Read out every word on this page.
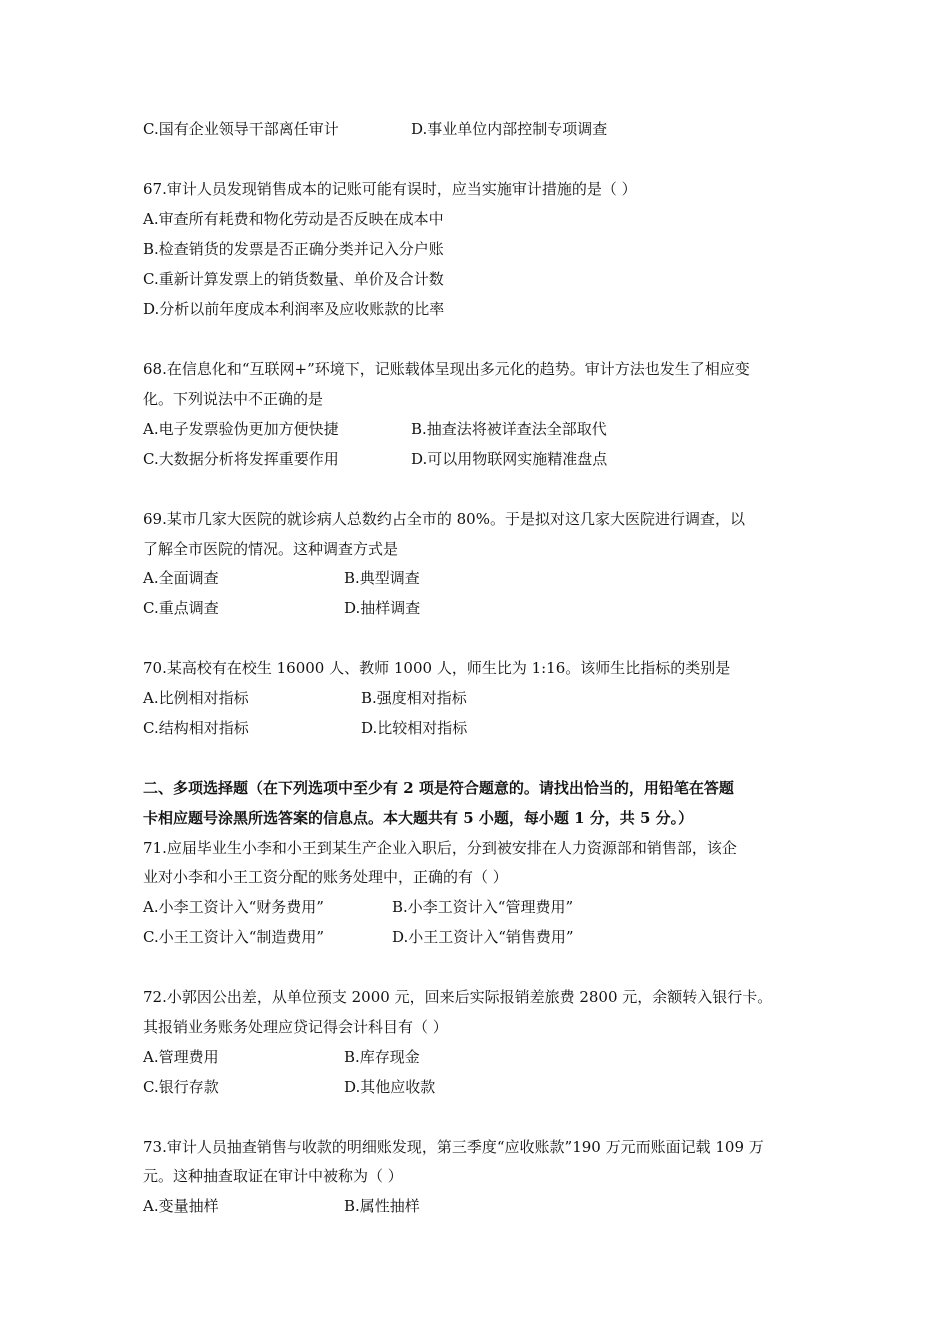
C.国有企业领导干部离任审计	D.事业单位内部控制专项调查
67.审计人员发现销售成本的记账可能有误时，应当实施审计措施的是（ ）
A.审查所有耗费和物化劳动是否反映在成本中
B.检查销货的发票是否正确分类并记入分户账
C.重新计算发票上的销货数量、单价及合计数
D.分析以前年度成本利润率及应收账款的比率
68.在信息化和“互联网+”环境下，记账载体呈现出多元化的趋势。审计方法也发生了相应变
化。下列说法中不正确的是
A.电子发票验伪更加方便快捷	B.抽查法将被详查法全部取代
C.大数据分析将发挥重要作用	D.可以用物联网实施精准盘点
69.某市几家大医院的就诊病人总数约占全市的 80%。于是拟对这几家大医院进行调查，以
了解全市医院的情况。这种调查方式是
A.全面调查	B.典型调查
C.重点调查	D.抽样调查
70.某高校有在校生 16000 人、教师 1000 人，师生比为 1:16。该师生比指标的类别是
A.比例相对指标	B.强度相对指标
C.结构相对指标	D.比较相对指标
二、多项选择题（在下列选项中至少有 2 项是符合题意的。请找出恰当的，用铅笔在答题
卡相应题号涂黑所选答案的信息点。本大题共有 5 小题，每小题 1 分，共 5 分。）
71.应届毕业生小李和小王到某生产企业入职后，分到被安排在人力资源部和销售部，该企
业对小李和小王工资分配的账务处理中，正确的有（ ）
A.小李工资计入“财务费用”	B.小李工资计入“管理费用”
C.小王工资计入“制造费用”	D.小王工资计入“销售费用”
72.小郭因公出差，从单位预支 2000 元，回来后实际报销差旅费 2800 元，余额转入银行卡。
其报销业务账务处理应贷记得会计科目有（ ）
A.管理费用	B.库存现金
C.银行存款	D.其他应收款
73.审计人员抽查销售与收款的明细账发现，第三季度“应收账款”190 万元而账面记载 109 万
元。这种抽查取证在审计中被称为（ ）
A.变量抽样	B.属性抽样
